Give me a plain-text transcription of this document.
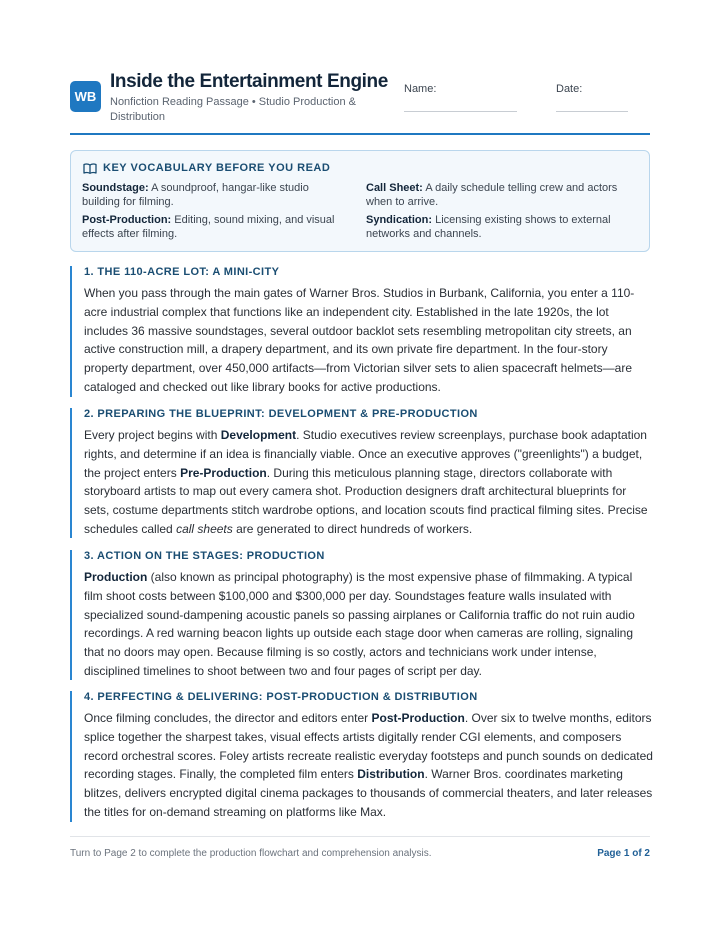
WB
Inside the Entertainment Engine
Nonfiction Reading Passage • Studio Production & Distribution
Name:	Date:
KEY VOCABULARY BEFORE YOU READ
Soundstage: A soundproof, hangar-like studio building for filming.
Call Sheet: A daily schedule telling crew and actors when to arrive.
Post-Production: Editing, sound mixing, and visual effects after filming.
Syndication: Licensing existing shows to external networks and channels.
1. THE 110-ACRE LOT: A MINI-CITY
When you pass through the main gates of Warner Bros. Studios in Burbank, California, you enter a 110-acre industrial complex that functions like an independent city. Established in the late 1920s, the lot includes 36 massive soundstages, several outdoor backlot sets resembling metropolitan city streets, an active construction mill, a drapery department, and its own private fire department. In the four-story property department, over 450,000 artifacts—from Victorian silver sets to alien spacecraft helmets—are cataloged and checked out like library books for active productions.
2. PREPARING THE BLUEPRINT: DEVELOPMENT & PRE-PRODUCTION
Every project begins with Development. Studio executives review screenplays, purchase book adaptation rights, and determine if an idea is financially viable. Once an executive approves ("greenlights") a budget, the project enters Pre-Production. During this meticulous planning stage, directors collaborate with storyboard artists to map out every camera shot. Production designers draft architectural blueprints for sets, costume departments stitch wardrobe options, and location scouts find practical filming sites. Precise schedules called call sheets are generated to direct hundreds of workers.
3. ACTION ON THE STAGES: PRODUCTION
Production (also known as principal photography) is the most expensive phase of filmmaking. A typical film shoot costs between $100,000 and $300,000 per day. Soundstages feature walls insulated with specialized sound-dampening acoustic panels so passing airplanes or California traffic do not ruin audio recordings. A red warning beacon lights up outside each stage door when cameras are rolling, signaling that no doors may open. Because filming is so costly, actors and technicians work under intense, disciplined timelines to shoot between two and four pages of script per day.
4. PERFECTING & DELIVERING: POST-PRODUCTION & DISTRIBUTION
Once filming concludes, the director and editors enter Post-Production. Over six to twelve months, editors splice together the sharpest takes, visual effects artists digitally render CGI elements, and composers record orchestral scores. Foley artists recreate realistic everyday footsteps and punch sounds on dedicated recording stages. Finally, the completed film enters Distribution. Warner Bros. coordinates marketing blitzes, delivers encrypted digital cinema packages to thousands of commercial theaters, and later releases the titles for on-demand streaming on platforms like Max.
Turn to Page 2 to complete the production flowchart and comprehension analysis.	Page 1 of 2
